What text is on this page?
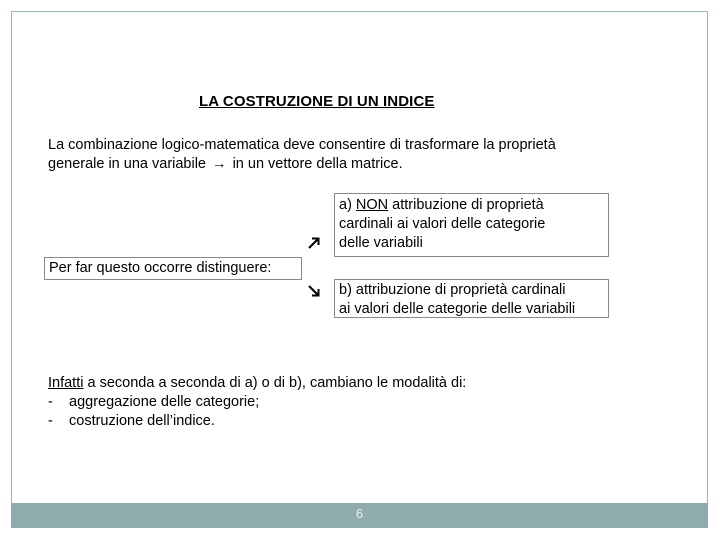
LA COSTRUZIONE DI UN INDICE
La combinazione logico-matematica deve consentire di trasformare la proprietà
generale in una variabile → in un vettore della matrice.
a) NON attribuzione di proprietà
cardinali ai valori delle categorie
delle variabili
Per far questo occorre distinguere:
b) attribuzione di proprietà cardinali
ai valori delle categorie delle variabili
Infatti a seconda a seconda di a) o di b), cambiano le modalità di:
-	aggregazione delle categorie;
-	costruzione dell’indice.
6
